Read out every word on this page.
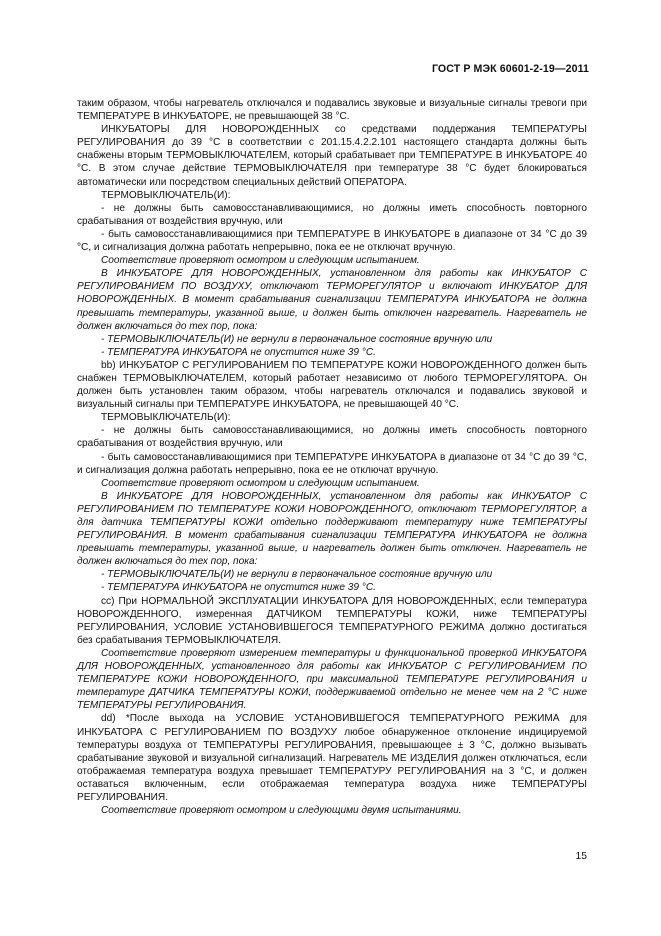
ГОСТ Р МЭК 60601-2-19—2011

таким образом, чтобы нагреватель отключался и подавались звуковые и визуальные сигналы тревоги при ТЕМПЕРАТУРЕ В ИНКУБАТОРЕ, не превышающей 38 °С.

ИНКУБАТОРЫ ДЛЯ НОВОРОЖДЕННЫХ со средствами поддержания ТЕМПЕРАТУРЫ РЕГУЛИРОВАНИЯ до 39 °С в соответствии с 201.15.4.2.2.101 настоящего стандарта должны быть снабжены вторым ТЕРМОВЫКЛЮЧАТЕЛЕМ, который срабатывает при ТЕМПЕРАТУРЕ В ИНКУБАТОРЕ 40 °С. В этом случае действие ТЕРМОВЫКЛЮЧАТЕЛЯ при температуре 38 °С будет блокироваться автоматически или посредством специальных действий ОПЕРАТОРА.

ТЕРМОВЫКЛЮЧАТЕЛЬ(И):

- не должны быть самовосстанавливающимися, но должны иметь способность повторного срабатывания от воздействия вручную, или

- быть самовосстанавливающимися при ТЕМПЕРАТУРЕ В ИНКУБАТОРЕ в диапазоне от 34 °С до 39 °С, и сигнализация должна работать непрерывно, пока ее не отключат вручную.

Соответствие проверяют осмотром и следующим испытанием.

В ИНКУБАТОРЕ ДЛЯ НОВОРОЖДЕННЫХ, установленном для работы как ИНКУБАТОР С РЕГУЛИРОВАНИЕМ ПО ВОЗДУХУ, отключают ТЕРМОРЕГУЛЯТОР и включают ИНКУБАТОР ДЛЯ НОВОРОЖДЕННЫХ. В момент срабатывания сигнализации ТЕМПЕРАТУРА ИНКУБАТОРА не должна превышать температуры, указанной выше, и должен быть отключен нагреватель. Нагреватель не должен включаться до тех пор, пока:

- ТЕРМОВЫКЛЮЧАТЕЛЬ(И) не вернули в первоначальное состояние вручную или

- ТЕМПЕРАТУРА ИНКУБАТОРА не опустится ниже 39 °С.

bb) ИНКУБАТОР С РЕГУЛИРОВАНИЕМ ПО ТЕМПЕРАТУРЕ КОЖИ НОВОРОЖДЕННОГО должен быть снабжен ТЕРМОВЫКЛЮЧАТЕЛЕМ, который работает независимо от любого ТЕРМОРЕГУЛЯТОРА. Он должен быть установлен таким образом, чтобы нагреватель отключался и подавались звуковой и визуальный сигналы при ТЕМПЕРАТУРЕ ИНКУБАТОРА, не превышающей 40 °С.

ТЕРМОВЫКЛЮЧАТЕЛЬ(И):

- не должны быть самовосстанавливающимися, но должны иметь способность повторного срабатывания от воздействия вручную, или

- быть самовосстанавливающимися при ТЕМПЕРАТУРЕ ИНКУБАТОРА в диапазоне от 34 °С до 39 °С, и сигнализация должна работать непрерывно, пока ее не отключат вручную.

Соответствие проверяют осмотром и следующим испытанием.

В ИНКУБАТОРЕ ДЛЯ НОВОРОЖДЕННЫХ, установленном для работы как ИНКУБАТОР С РЕГУЛИРОВАНИЕМ ПО ТЕМПЕРАТУРЕ КОЖИ НОВОРОЖДЕННОГО, отключают ТЕРМОРЕГУЛЯТОР, а для датчика ТЕМПЕРАТУРЫ КОЖИ отдельно поддерживают температуру ниже ТЕМПЕРАТУРЫ РЕГУЛИРОВАНИЯ. В момент срабатывания сигнализации ТЕМПЕРАТУРА ИНКУБАТОРА не должна превышать температуры, указанной выше, и нагреватель должен быть отключен. Нагреватель не должен включаться до тех пор, пока:

- ТЕРМОВЫКЛЮЧАТЕЛЬ(И) не вернули в первоначальное состояние вручную или

- ТЕМПЕРАТУРА ИНКУБАТОРА не опустится ниже 39 °С.

cc) При НОРМАЛЬНОЙ ЭКСПЛУАТАЦИИ ИНКУБАТОРА ДЛЯ НОВОРОЖДЕННЫХ, если температура НОВОРОЖДЕННОГО, измеренная ДАТЧИКОМ ТЕМПЕРАТУРЫ КОЖИ, ниже ТЕМПЕРАТУРЫ РЕГУЛИРОВАНИЯ, УСЛОВИЕ УСТАНОВИВШЕГОСЯ ТЕМПЕРАТУРНОГО РЕЖИМА должно достигаться без срабатывания ТЕРМОВЫКЛЮЧАТЕЛЯ.

Соответствие проверяют измерением температуры и функциональной проверкой ИНКУБАТОРА ДЛЯ НОВОРОЖДЕННЫХ, установленного для работы как ИНКУБАТОР С РЕГУЛИРОВАНИЕМ ПО ТЕМПЕРАТУРЕ КОЖИ НОВОРОЖДЕННОГО, при максимальной ТЕМПЕРАТУРЕ РЕГУЛИРОВАНИЯ и температуре ДАТЧИКА ТЕМПЕРАТУРЫ КОЖИ, поддерживаемой отдельно не менее чем на 2 °С ниже ТЕМПЕРАТУРЫ РЕГУЛИРОВАНИЯ.

dd) *После выхода на УСЛОВИЕ УСТАНОВИВШЕГОСЯ ТЕМПЕРАТУРНОГО РЕЖИМА для ИНКУБАТОРА С РЕГУЛИРОВАНИЕМ ПО ВОЗДУХУ любое обнаруженное отклонение индицируемой температуры воздуха от ТЕМПЕРАТУРЫ РЕГУЛИРОВАНИЯ, превышающее ± 3 °С, должно вызывать срабатывание звуковой и визуальной сигнализаций. Нагреватель МЕ ИЗДЕЛИЯ должен отключаться, если отображаемая температура воздуха превышает ТЕМПЕРАТУРУ РЕГУЛИРОВАНИЯ на 3 °С, и должен оставаться включенным, если отображаемая температура воздуха ниже ТЕМПЕРАТУРЫ РЕГУЛИРОВАНИЯ.

Соответствие проверяют осмотром и следующими двумя испытаниями.

15
